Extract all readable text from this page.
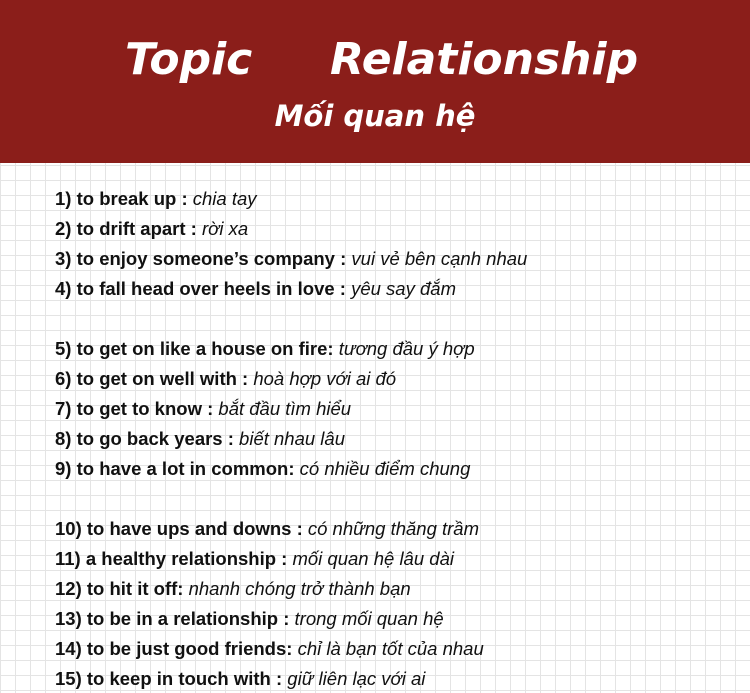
Topic Relationship
Mối quan hệ
1) to break up : chia tay
2) to drift apart : rời xa
3) to enjoy someone’s company : vui vẻ bên cạnh nhau
4) to fall head over heels in love : yêu say đắm
5) to get on like a house on fire: tương đầu ý hợp
6) to get on well with : hoà hợp với ai đó
7) to get to know : bắt đầu tìm hiểu
8) to go back years : biết nhau lâu
9) to have a lot in common: có nhiều điểm chung
10) to have ups and downs : có những thăng trầm
11) a healthy relationship : mối quan hệ lâu dài
12) to hit it off: nhanh chóng trở thành bạn
13) to be in a relationship : trong mối quan hệ
14) to be just good friends: chỉ là bạn tốt của nhau
15) to keep in touch with : giữ liên lạc với ai
